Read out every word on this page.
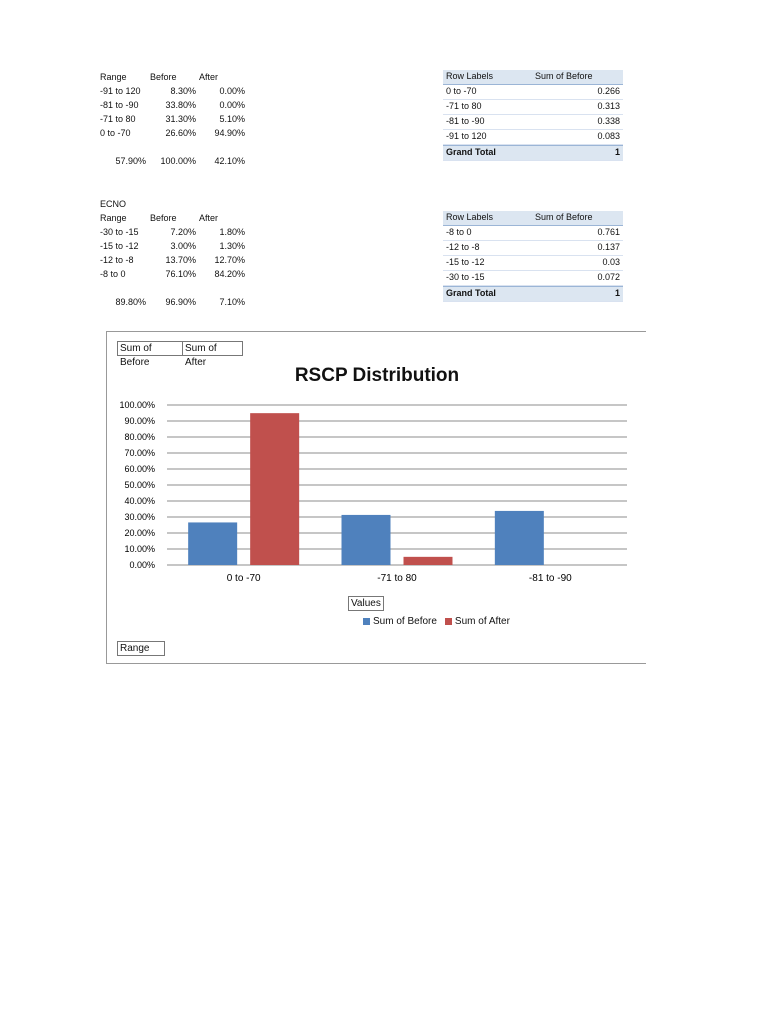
Range	Before	After
-91 to 120	8.30%	0.00%
-81 to -90	33.80%	0.00%
-71 to 80	31.30%	5.10%
0 to -70	26.60%	94.90%
57.90%	100.00%	42.10%
ECNO
Range	Before	After
-30 to -15	7.20%	1.80%
-15 to -12	3.00%	1.30%
-12 to -8	13.70%	12.70%
-8 to 0	76.10%	84.20%
89.80%	96.90%	7.10%
Row Labels	Sum of Before
0 to -70	0.266
-71 to 80	0.313
-81 to -90	0.338
-91 to 120	0.083
Grand Total	1
Row Labels	Sum of Before
-8 to 0	0.761
-12 to -8	0.137
-15 to -12	0.03
-30 to -15	0.072
Grand Total	1
Sum of Before
Sum of After
RSCP Distribution
0.00%
10.00%
20.00%
30.00%
40.00%
50.00%
60.00%
70.00%
80.00%
90.00%
100.00%
0 to -70	-71 to 80	-81 to -90
Values
Sum of Before Sum of After
Range
